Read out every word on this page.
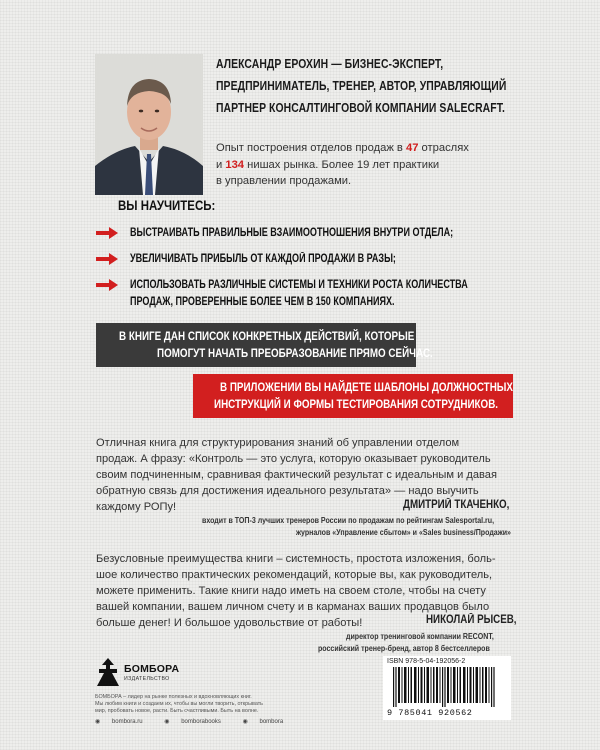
АЛЕКСАНДР ЕРОХИН — БИЗНЕС-ЭКСПЕРТ,
ПРЕДПРИНИМАТЕЛЬ, ТРЕНЕР, АВТОР, УПРАВЛЯЮЩИЙ
ПАРТНЕР КОНСАЛТИНГОВОЙ КОМПАНИИ SALECRAFT.
Опыт построения отделов продаж в 47 отраслях
и 134 нишах рынка. Более 19 лет практики
в управлении продажами.
ВЫ НАУЧИТЕСЬ:
ВЫСТРАИВАТЬ ПРАВИЛЬНЫЕ ВЗАИМООТНОШЕНИЯ ВНУТРИ ОТДЕЛА;
УВЕЛИЧИВАТЬ ПРИБЫЛЬ ОТ КАЖДОЙ ПРОДАЖИ В РАЗЫ;
ИСПОЛЬЗОВАТЬ РАЗЛИЧНЫЕ СИСТЕМЫ И ТЕХНИКИ РОСТА КОЛИЧЕСТВА
ПРОДАЖ, ПРОВЕРЕННЫЕ БОЛЕЕ ЧЕМ В 150 КОМПАНИЯХ.
В КНИГЕ ДАН СПИСОК КОНКРЕТНЫХ ДЕЙСТВИЙ, КОТОРЫЕ
ПОМОГУТ НАЧАТЬ ПРЕОБРАЗОВАНИЕ ПРЯМО СЕЙЧАС.
В ПРИЛОЖЕНИИ ВЫ НАЙДЕТЕ ШАБЛОНЫ ДОЛЖНОСТНЫХ
ИНСТРУКЦИЙ И ФОРМЫ ТЕСТИРОВАНИЯ СОТРУДНИКОВ.
Отличная книга для структурирования знаний об управлении отделом
продаж. А фразу: «Контроль — это услуга, которую оказывает руководитель
своим подчиненным, сравнивая фактический результат с идеальным и давая
обратную связь для достижения идеального результата» — надо выучить
каждому РОПу!	ДМИТРИЙ ТКАЧЕНКО,
входит в ТОП-3 лучших тренеров России по продажам по рейтингам Salesportal.ru,
журналов «Управление сбытом» и «Sales business/Продажи»
Безусловные преимущества книги – системность, простота изложения, боль-
шое количество практических рекомендаций, которые вы, как руководитель,
можете применить. Такие книги надо иметь на своем столе, чтобы на счету
вашей компании, вашем личном счету и в карманах ваших продавцов было
больше денег! И большое удовольствие от работы!	НИКОЛАЙ РЫСЕВ,
директор тренинговой компании RECONT,
российский тренер-бренд, автор 8 бестселлеров
БОМБОРА
ИЗДАТЕЛЬСТВО
БОМБОРА – лидер на рынке полезных и вдохновляющих книг.
Мы любим книги и создаем их, чтобы вы могли творить, открывать
мир, пробовать новое, расти. Быть счастливыми. Быть на волне.
◉ bombora.ru	◉ bomborabooks	◉ bombora
ISBN 978-5-04-192056-2
9 785041 920562
